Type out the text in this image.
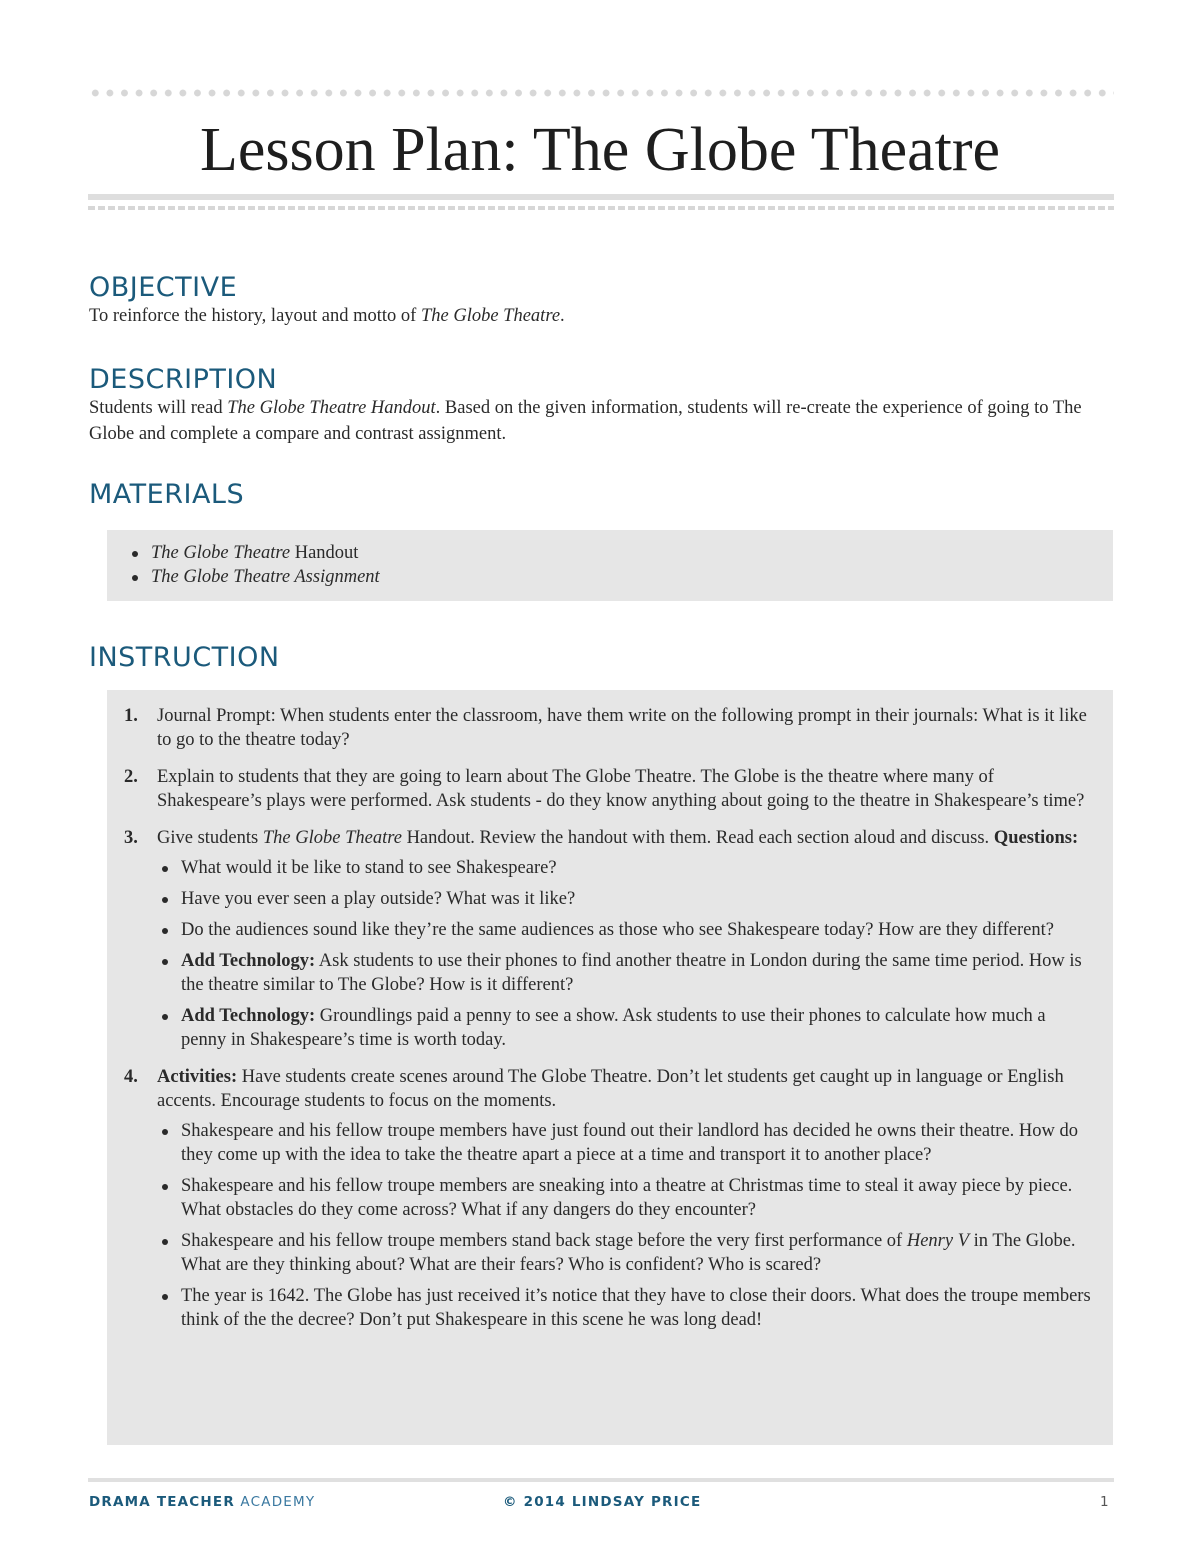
Lesson Plan: The Globe Theatre
OBJECTIVE
To reinforce the history, layout and motto of The Globe Theatre.
DESCRIPTION
Students will read The Globe Theatre Handout. Based on the given information, students will re-create the experience of going to The Globe and complete a compare and contrast assignment.
MATERIALS
The Globe Theatre Handout
The Globe Theatre Assignment
INSTRUCTION
1. Journal Prompt: When students enter the classroom, have them write on the following prompt in their journals: What is it like to go to the theatre today?
2. Explain to students that they are going to learn about The Globe Theatre. The Globe is the theatre where many of Shakespeare’s plays were performed. Ask students - do they know anything about going to the theatre in Shakespeare’s time?
3. Give students The Globe Theatre Handout. Review the handout with them. Read each section aloud and discuss. Questions:
What would it be like to stand to see Shakespeare?
Have you ever seen a play outside? What was it like?
Do the audiences sound like they’re the same audiences as those who see Shakespeare today? How are they different?
Add Technology: Ask students to use their phones to find another theatre in London during the same time period. How is the theatre similar to The Globe? How is it different?
Add Technology: Groundlings paid a penny to see a show. Ask students to use their phones to calculate how much a penny in Shakespeare’s time is worth today.
4. Activities: Have students create scenes around The Globe Theatre. Don’t let students get caught up in language or English accents. Encourage students to focus on the moments.
Shakespeare and his fellow troupe members have just found out their landlord has decided he owns their theatre. How do they come up with the idea to take the theatre apart a piece at a time and transport it to another place?
Shakespeare and his fellow troupe members are sneaking into a theatre at Christmas time to steal it away piece by piece. What obstacles do they come across? What if any dangers do they encounter?
Shakespeare and his fellow troupe members stand back stage before the very first performance of Henry V in The Globe. What are they thinking about? What are their fears? Who is confident? Who is scared?
The year is 1642. The Globe has just received it’s notice that they have to close their doors. What does the troupe members think of the the decree? Don’t put Shakespeare in this scene he was long dead!
DRAMA TEACHER ACADEMY	© 2014 LINDSAY PRICE	1
